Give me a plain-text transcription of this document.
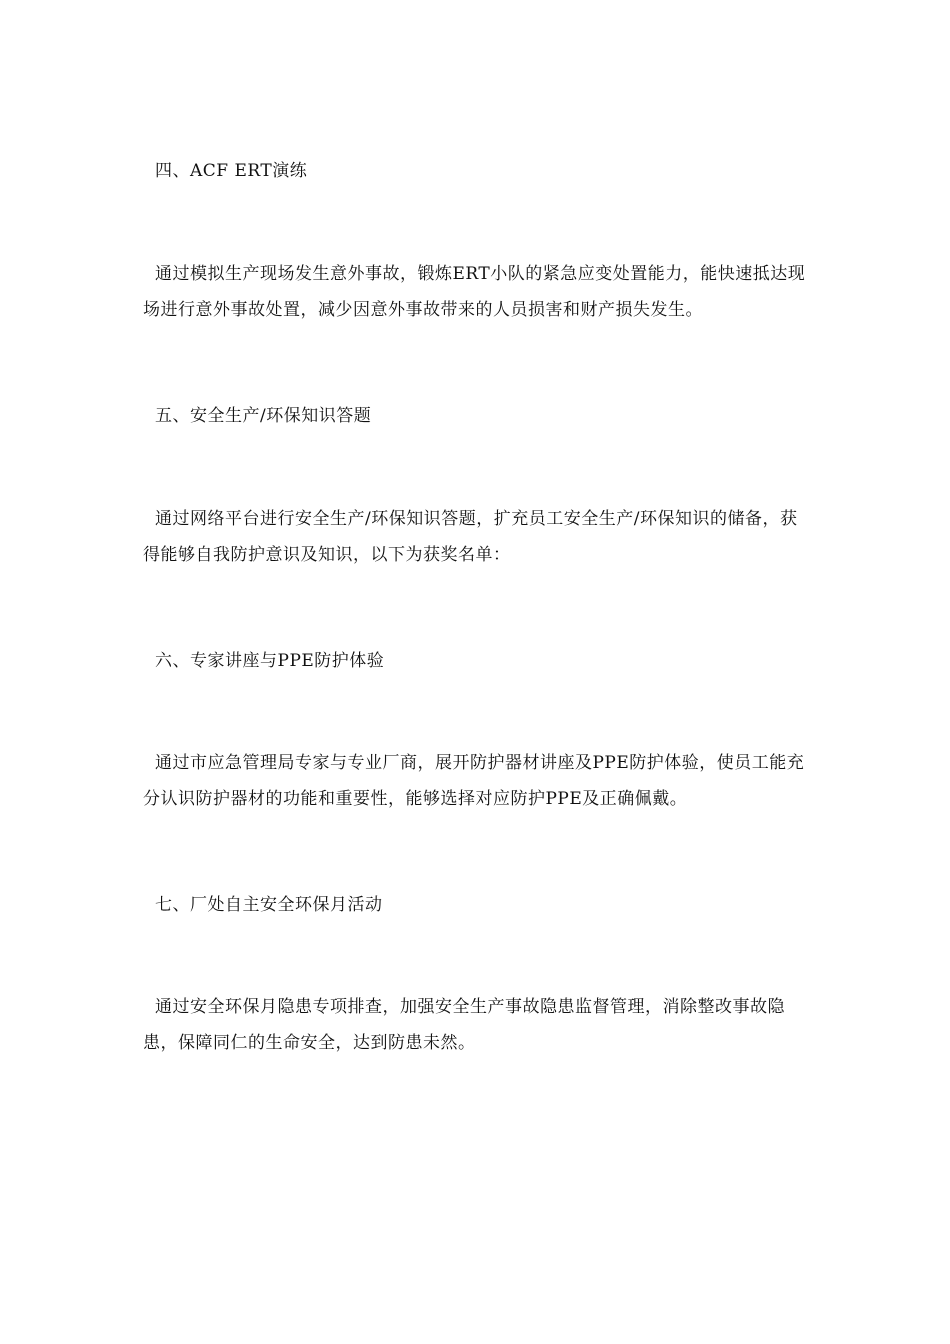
四、ACF ERT演练
通过模拟生产现场发生意外事故，锻炼ERT小队的紧急应变处置能力，能快速抵达现场进行意外事故处置，减少因意外事故带来的人员损害和财产损失发生。
五、安全生产/环保知识答题
通过网络平台进行安全生产/环保知识答题，扩充员工安全生产/环保知识的储备，获得能够自我防护意识及知识，以下为获奖名单：
六、专家讲座与PPE防护体验
通过市应急管理局专家与专业厂商，展开防护器材讲座及PPE防护体验，使员工能充分认识防护器材的功能和重要性，能够选择对应防护PPE及正确佩戴。
七、厂处自主安全环保月活动
通过安全环保月隐患专项排查，加强安全生产事故隐患监督管理，消除整改事故隐患，保障同仁的生命安全，达到防患未然。
